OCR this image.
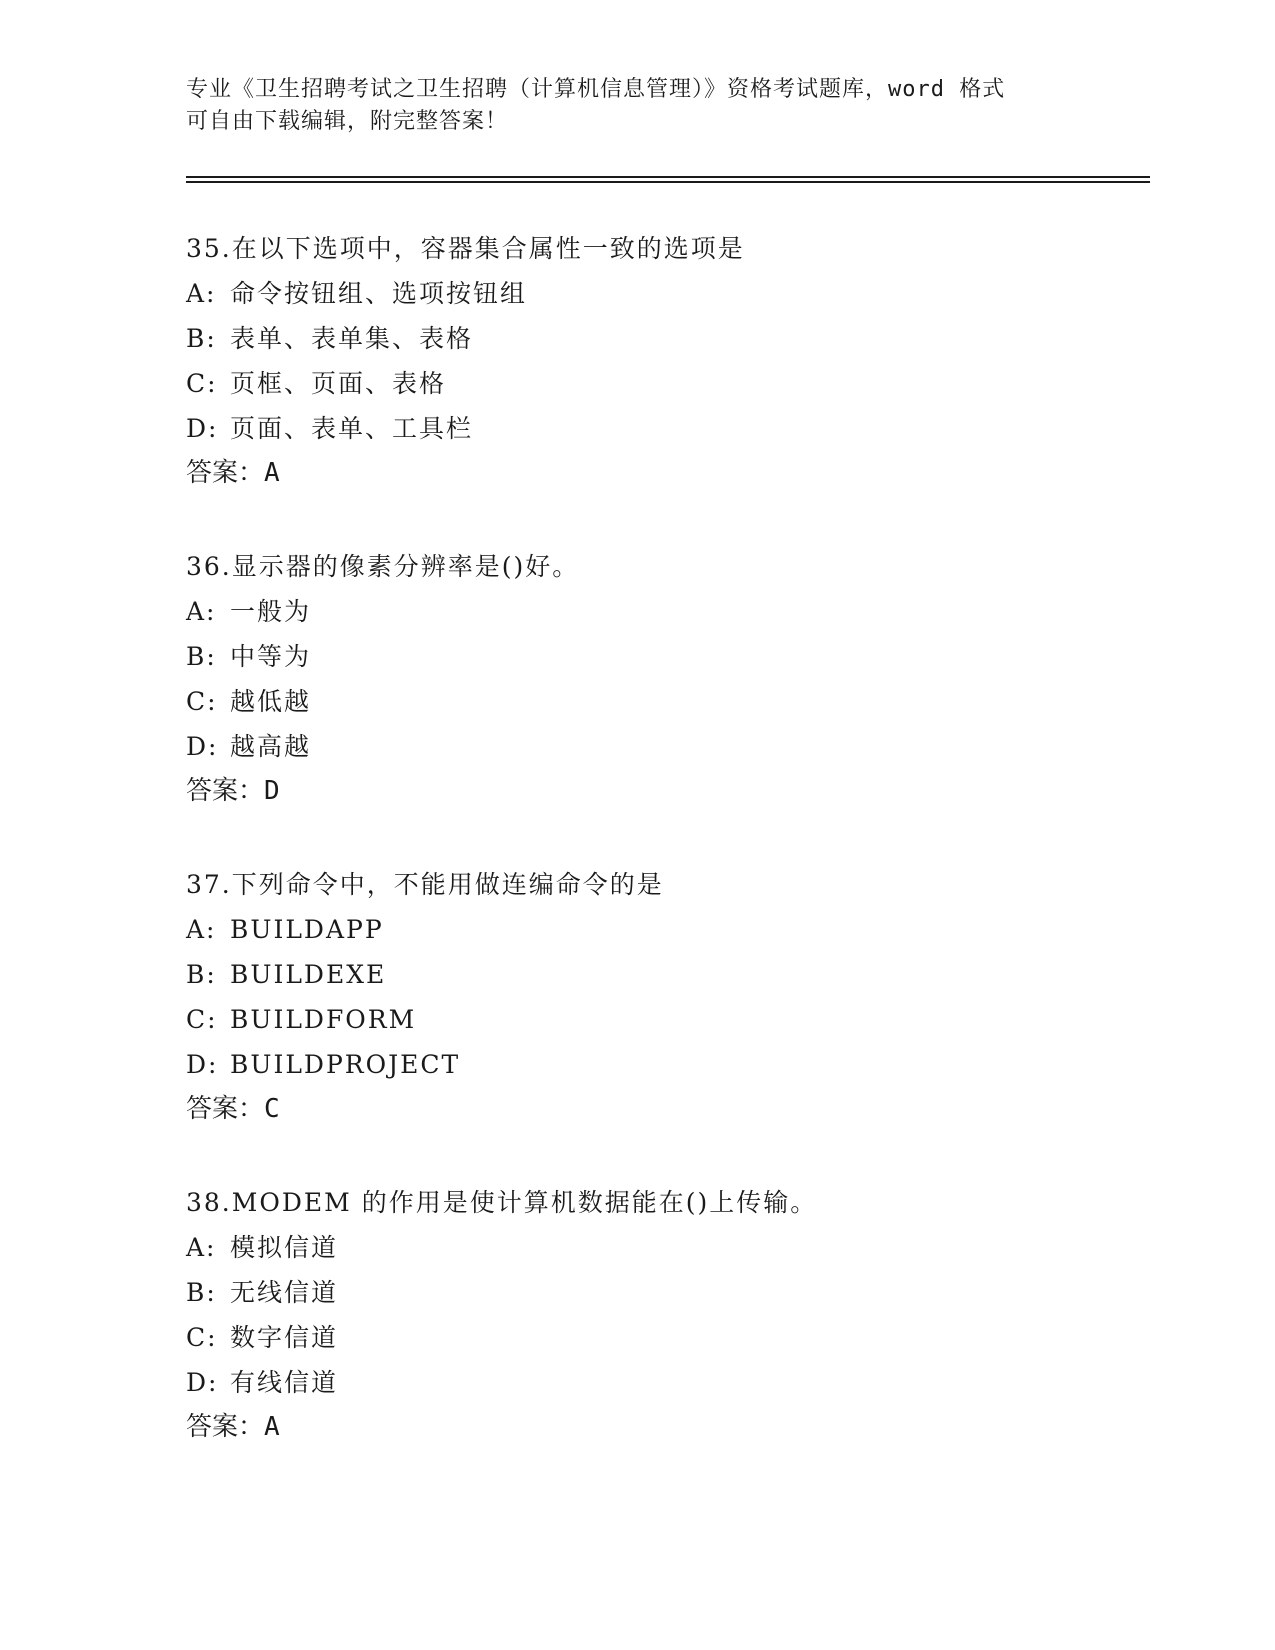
专业《卫生招聘考试之卫生招聘（计算机信息管理）》资格考试题库，word 格式
可自由下载编辑，附完整答案！
35.在以下选项中，容器集合属性一致的选项是
A: 命令按钮组、选项按钮组
B: 表单、表单集、表格
C: 页框、页面、表格
D: 页面、表单、工具栏
答案：A
36.显示器的像素分辨率是()好。
A: 一般为
B: 中等为
C: 越低越
D: 越高越
答案：D
37.下列命令中，不能用做连编命令的是
A: BUILDAPP
B: BUILDEXE
C: BUILDFORM
D: BUILDPROJECT
答案：C
38.MODEM 的作用是使计算机数据能在()上传输。
A: 模拟信道
B: 无线信道
C: 数字信道
D: 有线信道
答案：A
